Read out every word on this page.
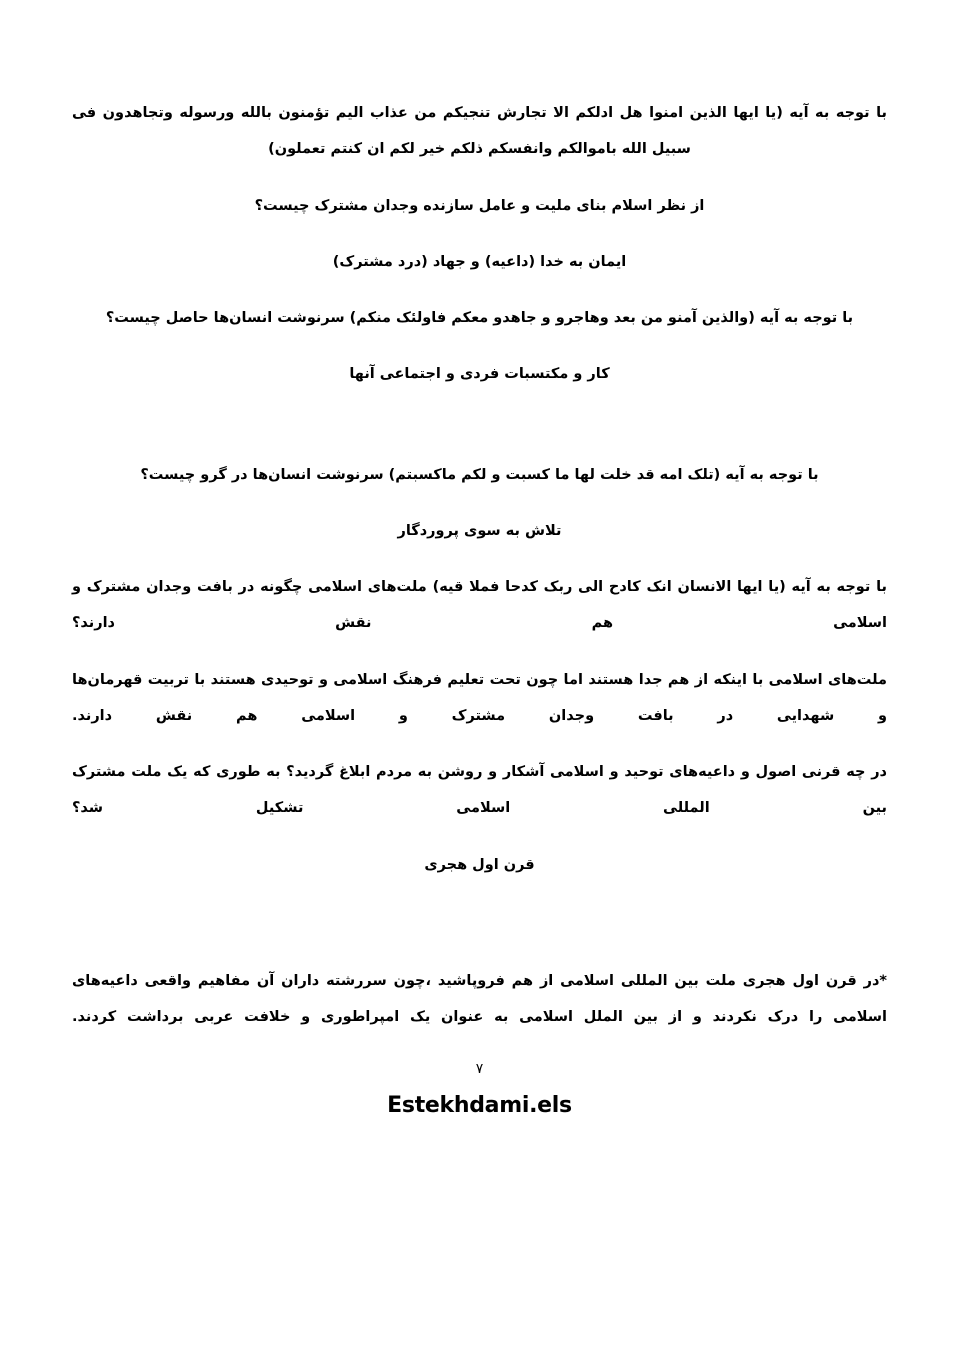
با توجه به آیه (یا ایها الذین امنوا هل ادلکم الا تجارش تنجیکم من عذاب الیم تؤمنون بالله ورسوله وتجاهدون فی سبیل الله باموالکم وانفسکم ذلکم خیر لکم ان کنتم تعملون)

از نظر اسلام بنای ملیت و عامل سازنده وجدان مشترک چیست؟

ایمان به خدا (داعیه) و جهاد (درد مشترک)

با توجه به آیه (والذین آمنو من بعد وهاجرو و جاهدو معکم فاولئک منکم) سرنوشت انسان‌ها حاصل چیست؟

کار و مکتسبات فردی و اجتماعی آنها

با توجه به آیه (تلک امه قد خلت لها ما کسبت و لکم ماکسبتم) سرنوشت انسان‌ها در گرو چیست؟

تلاش به سوی پروردگار

با توجه به آیه (یا ایها الانسان انک کادح الی ربک کدحا فملا قیه) ملت‌های اسلامی چگونه در بافت وجدان مشترک و اسلامی هم نقش دارند؟

ملت‌های اسلامی با اینکه از هم جدا هستند اما چون تحت تعلیم فرهنگ اسلامی و توحیدی هستند با تربیت قهرمان‌ها و شهدایی در بافت وجدان مشترک و اسلامی هم نقش دارند.

در چه قرنی اصول و داعیه‌های توحید و اسلامی آشکار و روشن به مردم ابلاغ گردید؟ به طوری که یک ملت مشترک بین المللی اسلامی تشکیل شد؟

قرن اول هجری

*در قرن اول هجری ملت بین المللی اسلامی از هم فروپاشید ،چون سررشته داران آن مفاهیم واقعی داعیه‌های اسلامی را درک نکردند و از بین الملل اسلامی به عنوان یک امپراطوری و خلافت عربی برداشت کردند.

۷
Estekhdami.els
